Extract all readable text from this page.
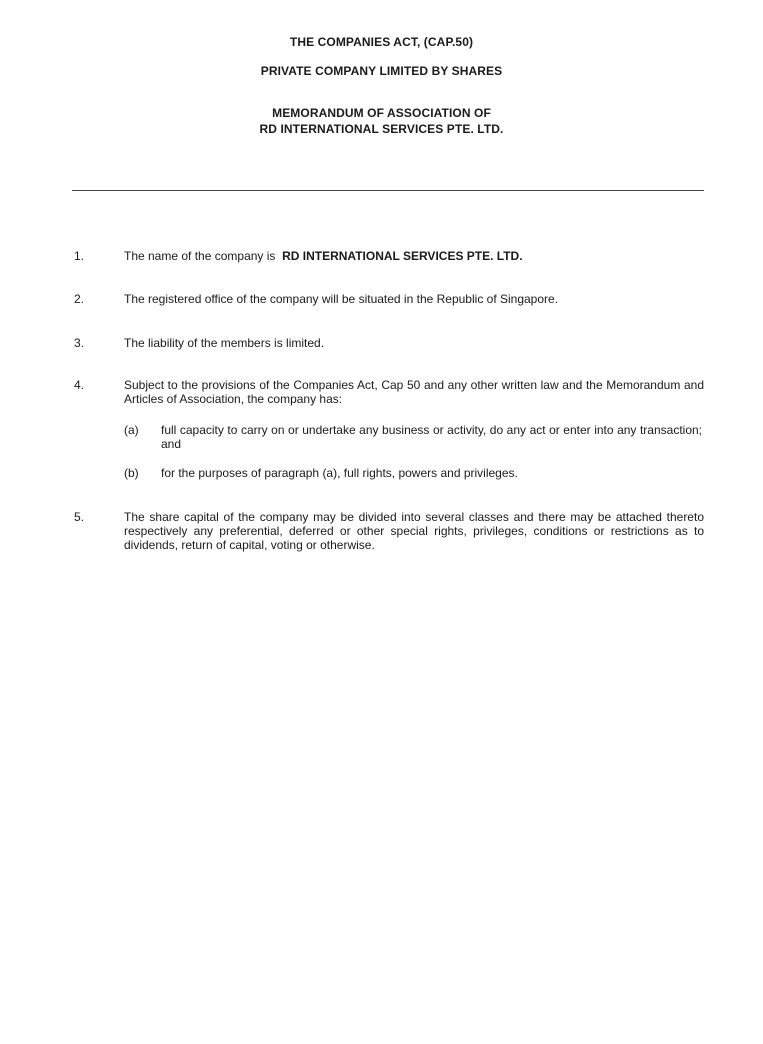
THE COMPANIES ACT, (CAP.50)
PRIVATE COMPANY LIMITED BY SHARES
MEMORANDUM OF ASSOCIATION OF
RD INTERNATIONAL SERVICES PTE. LTD.
1.	The name of the company is RD INTERNATIONAL SERVICES PTE. LTD.
2.	The registered office of the company will be situated in the Republic of Singapore.
3.	The liability of the members is limited.
4.	Subject to the provisions of the Companies Act, Cap 50 and any other written law and the Memorandum and Articles of Association, the company has:
(a)	full capacity to carry on or undertake any business or activity, do any act or enter into any transaction; and
(b)	for the purposes of paragraph (a), full rights, powers and privileges.
5.	The share capital of the company may be divided into several classes and there may be attached thereto respectively any preferential, deferred or other special rights, privileges, conditions or restrictions as to dividends, return of capital, voting or otherwise.
